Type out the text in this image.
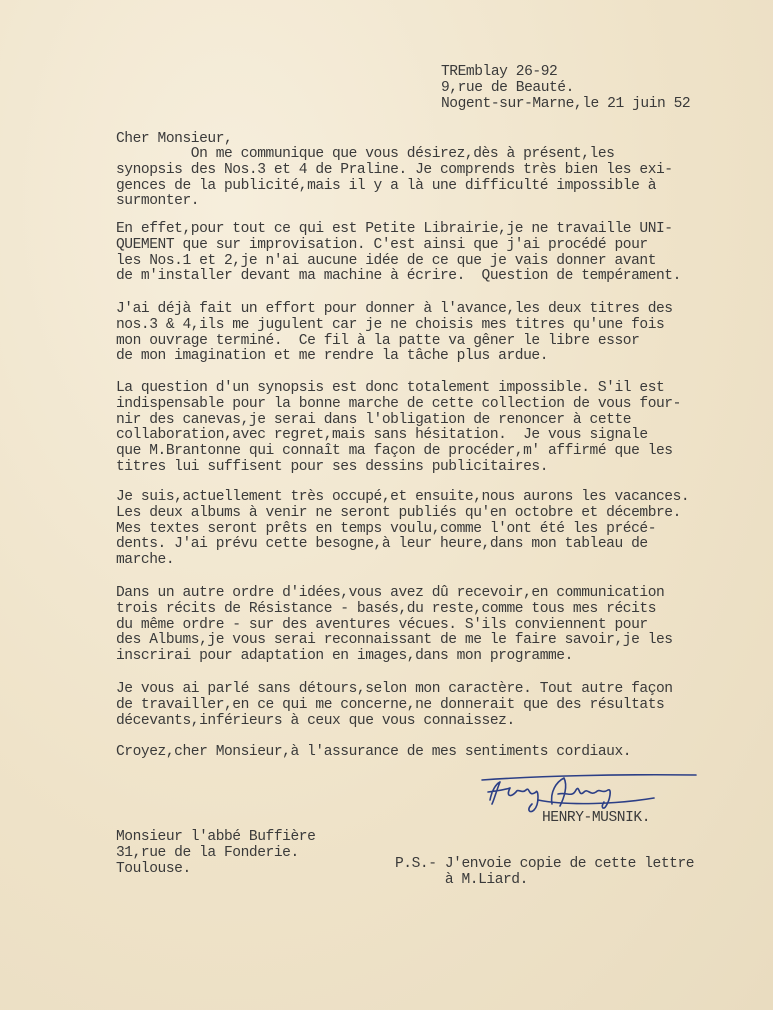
TREmblay 26-92
9,rue de Beauté.
Nogent-sur-Marne,le 21 juin 52
Cher Monsieur,
On me communique que vous désirez,dès à présent,les
synopsis des Nos.3 et 4 de Praline. Je comprends très bien les exi-
gences de la publicité,mais il y a là une difficulté impossible à
surmonter.
En effet,pour tout ce qui est Petite Librairie,je ne travaille UNI-
QUEMENT que sur improvisation. C'est ainsi que j'ai procédé pour
les Nos.1 et 2,je n'ai aucune idée de ce que je vais donner avant
de m'installer devant ma machine à écrire.  Question de tempérament.
J'ai déjà fait un effort pour donner à l'avance,les deux titres des
nos.3 & 4,ils me jugulent car je ne choisis mes titres qu'une fois
mon ouvrage terminé.  Ce fil à la patte va gêner le libre essor
de mon imagination et me rendre la tâche plus ardue.
La question d'un synopsis est donc totalement impossible. S'il est
indispensable pour la bonne marche de cette collection de vous four-
nir des canevas,je serai dans l'obligation de renoncer à cette
collaboration,avec regret,mais sans hésitation.  Je vous signale
que M.Brantonne qui connaît ma façon de procéder,m' affirmé que les
titres lui suffisent pour ses dessins publicitaires.
Je suis,actuellement très occupé,et ensuite,nous aurons les vacances.
Les deux albums à venir ne seront publiés qu'en octobre et décembre.
Mes textes seront prêts en temps voulu,comme l'ont été les précé-
dents. J'ai prévu cette besogne,à leur heure,dans mon tableau de
marche.
Dans un autre ordre d'idées,vous avez dû recevoir,en communication
trois récits de Résistance - basés,du reste,comme tous mes récits
du même ordre - sur des aventures vécues. S'ils conviennent pour
des Albums,je vous serai reconnaissant de me le faire savoir,je les
inscrirai pour adaptation en images,dans mon programme.
Je vous ai parlé sans détours,selon mon caractère. Tout autre façon
de travailler,en ce qui me concerne,ne donnerait que des résultats
décevants,inférieurs à ceux que vous connaissez.
Croyez,cher Monsieur,à l'assurance de mes sentiments cordiaux.
HENRY-MUSNIK.
Monsieur l'abbé Buffière
31,rue de la Fonderie.
Toulouse.	P.S.- J'envoie copie de cette lettre
à M.Liard.
